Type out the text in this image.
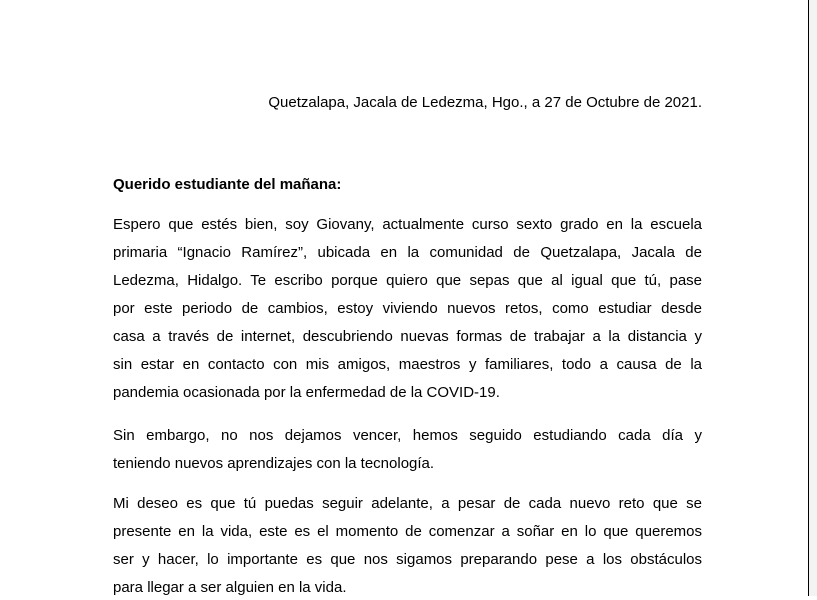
Quetzalapa, Jacala de Ledezma, Hgo., a 27 de Octubre de 2021.
Querido estudiante del mañana:
Espero que estés bien, soy Giovany, actualmente curso sexto grado en la escuela
primaria “Ignacio Ramírez”, ubicada en la comunidad de Quetzalapa, Jacala de
Ledezma, Hidalgo. Te escribo porque quiero que sepas que al igual que tú, pase
por este periodo de cambios, estoy viviendo nuevos retos, como estudiar desde
casa a través de internet, descubriendo nuevas formas de trabajar a la distancia y
sin estar en contacto con mis amigos, maestros y familiares, todo a causa de la
pandemia ocasionada por la enfermedad de la COVID-19.
Sin embargo, no nos dejamos vencer, hemos seguido estudiando cada día y
teniendo nuevos aprendizajes con la tecnología.
Mi deseo es que tú puedas seguir adelante, a pesar de cada nuevo reto que se
presente en la vida, este es el momento de comenzar a soñar en lo que queremos
ser y hacer, lo importante es que nos sigamos preparando pese a los obstáculos
para llegar a ser alguien en la vida.
